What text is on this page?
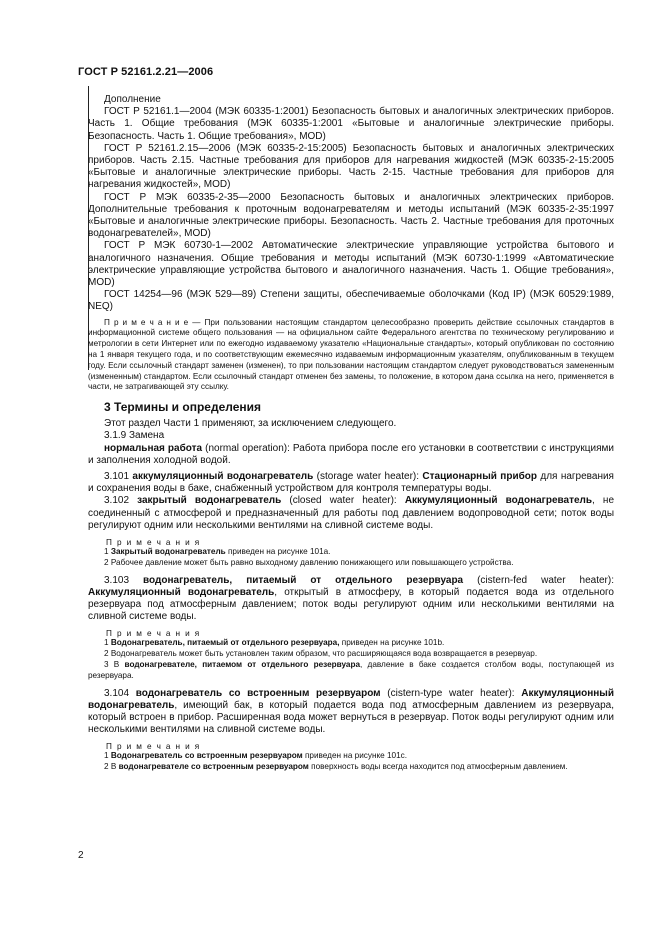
ГОСТ Р 52161.2.21—2006

Дополнение

ГОСТ Р 52161.1—2004 (МЭК 60335-1:2001) Безопасность бытовых и аналогичных электрических приборов. Часть 1. Общие требования (МЭК 60335-1:2001 «Бытовые и аналогичные электрические приборы. Безопасность. Часть 1. Общие требования», MOD)

ГОСТ Р 52161.2.15—2006 (МЭК 60335-2-15:2005) Безопасность бытовых и аналогичных электрических приборов. Часть 2.15. Частные требования для приборов для нагревания жидкостей (МЭК 60335-2-15:2005 «Бытовые и аналогичные электрические приборы. Часть 2-15. Частные требования для приборов для нагревания жидкостей», MOD)

ГОСТ Р МЭК 60335-2-35—2000 Безопасность бытовых и аналогичных электрических приборов. Дополнительные требования к проточным водонагревателям и методы испытаний (МЭК 60335-2-35:1997 «Бытовые и аналогичные электрические приборы. Безопасность. Часть 2. Частные требования для проточных водонагревателей», MOD)

ГОСТ Р МЭК 60730-1—2002 Автоматические электрические управляющие устройства бытового и аналогичного назначения. Общие требования и методы испытаний (МЭК 60730-1:1999 «Автоматические электрические управляющие устройства бытового и аналогичного назначения. Часть 1. Общие требования», MOD)

ГОСТ 14254—96 (МЭК 529—89) Степени защиты, обеспечиваемые оболочками (Код IP) (МЭК 60529:1989, NEQ)

П р и м е ч а н и е — При пользовании настоящим стандартом целесообразно проверить действие ссылочных стандартов в информационной системе общего пользования — на официальном сайте Федерального агентства по техническому регулированию и метрологии в сети Интернет или по ежегодно издаваемому указателю «Национальные стандарты», который опубликован по состоянию на 1 января текущего года, и по соответствующим ежемесячно издаваемым информационным указателям, опубликованным в текущем году. Если ссылочный стандарт заменен (изменен), то при пользовании настоящим стандартом следует руководствоваться замененным (измененным) стандартом. Если ссылочный стандарт отменен без замены, то положение, в котором дана ссылка на него, применяется в части, не затрагивающей эту ссылку.

3 Термины и определения

Этот раздел Части 1 применяют, за исключением следующего.

3.1.9 Замена

нормальная работа (normal operation): Работа прибора после его установки в соответствии с инструкциями и заполнения холодной водой.

3.101 аккумуляционный водонагреватель (storage water heater): Стационарный прибор для нагревания и сохранения воды в баке, снабженный устройством для контроля температуры воды.

3.102 закрытый водонагреватель (closed water heater): Аккумуляционный водонагреватель, не соединенный с атмосферой и предназначенный для работы под давлением водопроводной сети; поток воды регулируют одним или несколькими вентилями на сливной системе воды.

П р и м е ч а н и я

1 Закрытый водонагреватель приведен на рисунке 101а.

2 Рабочее давление может быть равно выходному давлению понижающего или повышающего устройства.

3.103 водонагреватель, питаемый от отдельного резервуара (cistern-fed water heater): Аккумуляционный водонагреватель, открытый в атмосферу, в который подается вода из отдельного резервуара под атмосферным давлением; поток воды регулируют одним или несколькими вентилями на сливной системе воды.

П р и м е ч а н и я

1 Водонагреватель, питаемый от отдельного резервуара, приведен на рисунке 101b.

2 Водонагреватель может быть установлен таким образом, что расширяющаяся вода возвращается в резервуар.

3 В водонагревателе, питаемом от отдельного резервуара, давление в баке создается столбом воды, поступающей из резервуара.

3.104 водонагреватель со встроенным резервуаром (cistern-type water heater): Аккумуляционный водонагреватель, имеющий бак, в который подается вода под атмосферным давлением из резервуара, который встроен в прибор. Расширенная вода может вернуться в резервуар. Поток воды регулируют одним или несколькими вентилями на сливной системе воды.

П р и м е ч а н и я

1 Водонагреватель со встроенным резервуаром приведен на рисунке 101с.

2 В водонагревателе со встроенным резервуаром поверхность воды всегда находится под атмосферным давлением.

2
